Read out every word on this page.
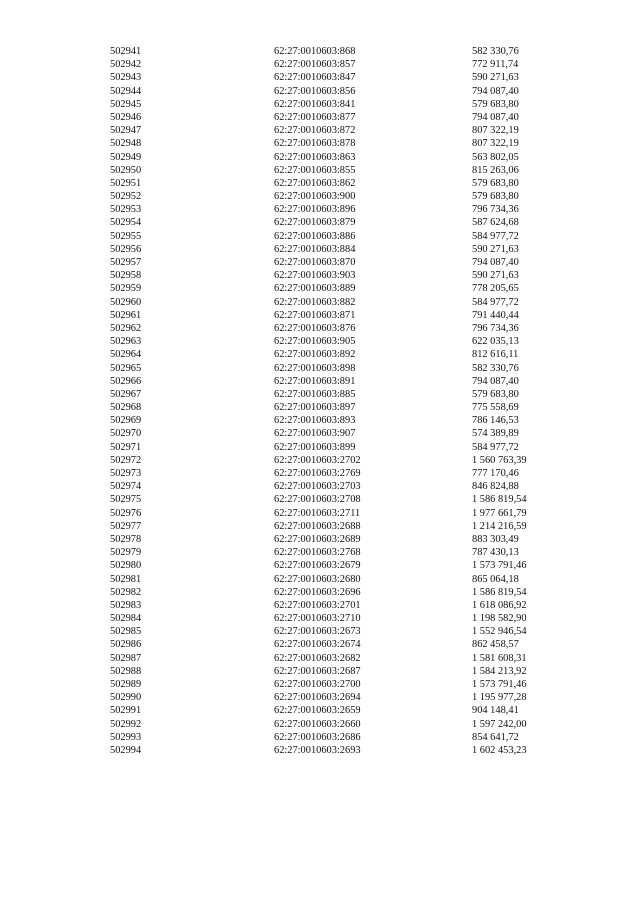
502941	62:27:0010603:868	582 330,76
502942	62:27:0010603:857	772 911,74
502943	62:27:0010603:847	590 271,63
502944	62:27:0010603:856	794 087,40
502945	62:27:0010603:841	579 683,80
502946	62:27:0010603:877	794 087,40
502947	62:27:0010603:872	807 322,19
502948	62:27:0010603:878	807 322,19
502949	62:27:0010603:863	563 802,05
502950	62:27:0010603:855	815 263,06
502951	62:27:0010603:862	579 683,80
502952	62:27:0010603:900	579 683,80
502953	62:27:0010603:896	796 734,36
502954	62:27:0010603:879	587 624,68
502955	62:27:0010603:886	584 977,72
502956	62:27:0010603:884	590 271,63
502957	62:27:0010603:870	794 087,40
502958	62:27:0010603:903	590 271,63
502959	62:27:0010603:889	778 205,65
502960	62:27:0010603:882	584 977,72
502961	62:27:0010603:871	791 440,44
502962	62:27:0010603:876	796 734,36
502963	62:27:0010603:905	622 035,13
502964	62:27:0010603:892	812 616,11
502965	62:27:0010603:898	582 330,76
502966	62:27:0010603:891	794 087,40
502967	62:27:0010603:885	579 683,80
502968	62:27:0010603:897	775 558,69
502969	62:27:0010603:893	786 146,53
502970	62:27:0010603:907	574 389,89
502971	62:27:0010603:899	584 977,72
502972	62:27:0010603:2702	1 560 763,39
502973	62:27:0010603:2769	777 170,46
502974	62:27:0010603:2703	846 824,88
502975	62:27:0010603:2708	1 586 819,54
502976	62:27:0010603:2711	1 977 661,79
502977	62:27:0010603:2688	1 214 216,59
502978	62:27:0010603:2689	883 303,49
502979	62:27:0010603:2768	787 430,13
502980	62:27:0010603:2679	1 573 791,46
502981	62:27:0010603:2680	865 064,18
502982	62:27:0010603:2696	1 586 819,54
502983	62:27:0010603:2701	1 618 086,92
502984	62:27:0010603:2710	1 198 582,90
502985	62:27:0010603:2673	1 552 946,54
502986	62:27:0010603:2674	862 458,57
502987	62:27:0010603:2682	1 581 608,31
502988	62:27:0010603:2687	1 584 213,92
502989	62:27:0010603:2700	1 573 791,46
502990	62:27:0010603:2694	1 195 977,28
502991	62:27:0010603:2659	904 148,41
502992	62:27:0010603:2660	1 597 242,00
502993	62:27:0010603:2686	854 641,72
502994	62:27:0010603:2693	1 602 453,23
